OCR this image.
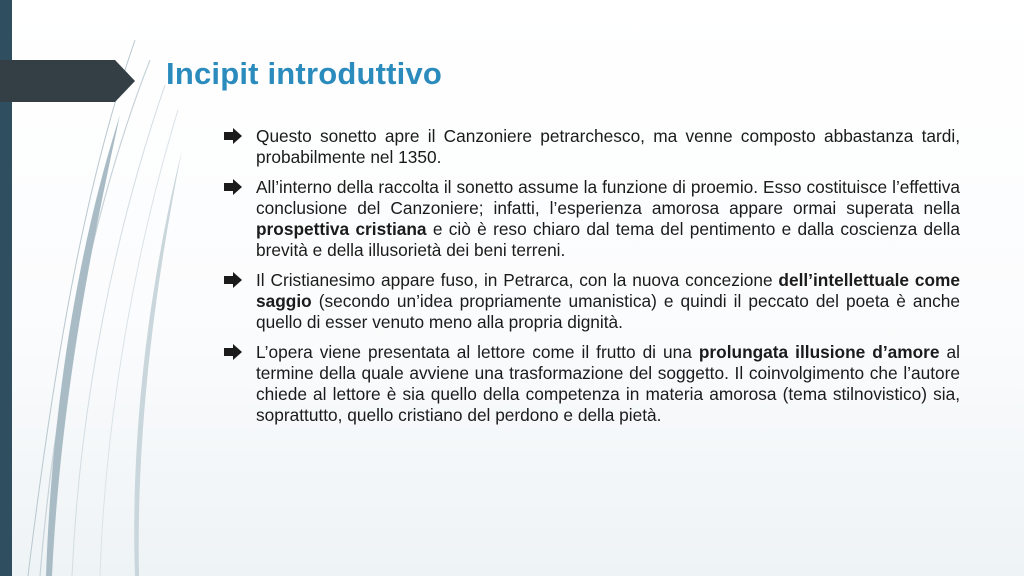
Incipit introduttivo
Questo sonetto apre il Canzoniere petrarchesco, ma venne composto abbastanza tardi, probabilmente nel 1350.
All’interno della raccolta il sonetto assume la funzione di proemio. Esso costituisce l’effettiva conclusione del Canzoniere; infatti, l’esperienza amorosa appare ormai superata nella prospettiva cristiana e ciò è reso chiaro dal tema del pentimento e dalla coscienza della brevità e della illusorietà dei beni terreni.
Il Cristianesimo appare fuso, in Petrarca, con la nuova concezione dell’intellettuale come saggio (secondo un’idea propriamente umanistica) e quindi il peccato del poeta è anche quello di esser venuto meno alla propria dignità.
L’opera viene presentata al lettore come il frutto di una prolungata illusione d’amore al termine della quale avviene una trasformazione del soggetto. Il coinvolgimento che l’autore chiede al lettore è sia quello della competenza in materia amorosa (tema stilnovistico) sia, soprattutto, quello cristiano del perdono e della pietà.
